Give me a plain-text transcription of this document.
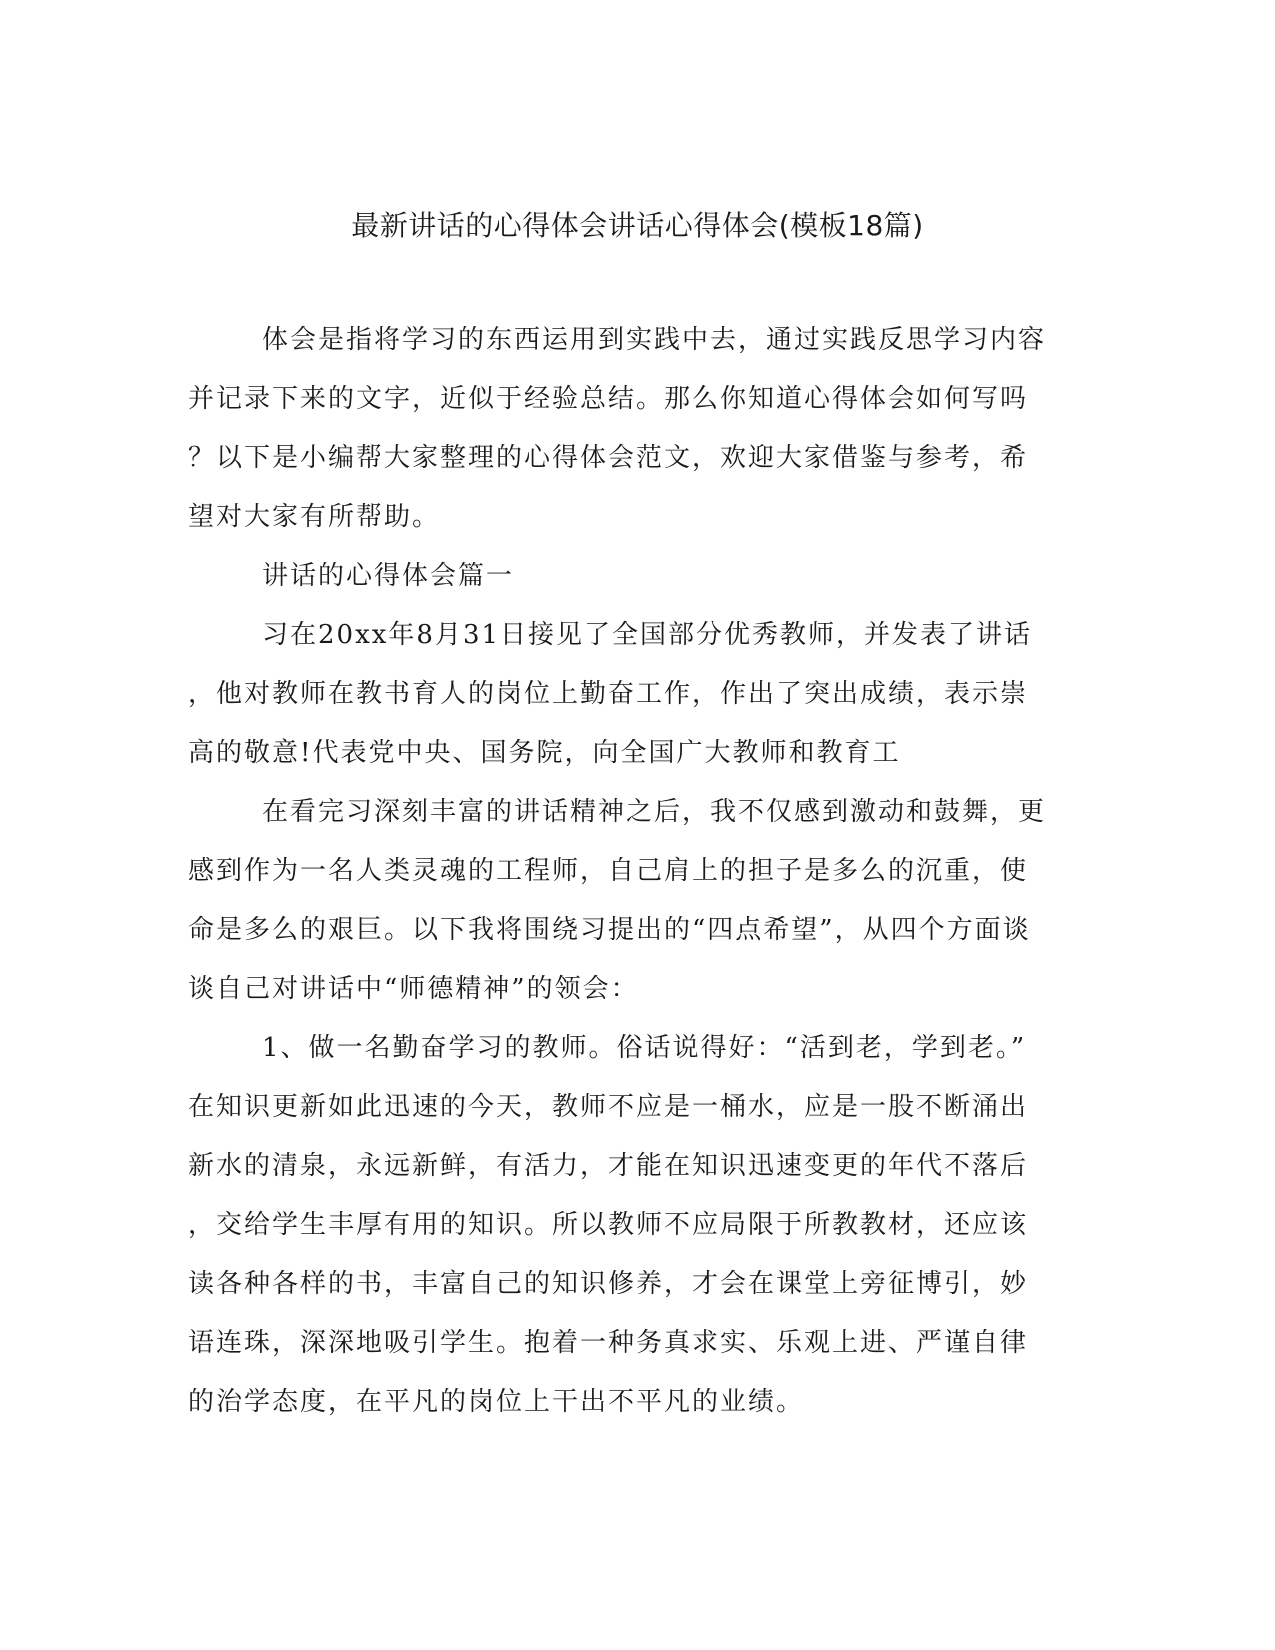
最新讲话的心得体会讲话心得体会(模板18篇)

体会是指将学习的东西运用到实践中去，通过实践反思学习内容

并记录下来的文字，近似于经验总结。那么你知道心得体会如何写吗

？以下是小编帮大家整理的心得体会范文，欢迎大家借鉴与参考，希

望对大家有所帮助。

讲话的心得体会篇一

习在20xx年8月31日接见了全国部分优秀教师，并发表了讲话

，他对教师在教书育人的岗位上勤奋工作，作出了突出成绩，表示崇

高的敬意!代表党中央、国务院，向全国广大教师和教育工

在看完习深刻丰富的讲话精神之后，我不仅感到激动和鼓舞，更

感到作为一名人类灵魂的工程师，自己肩上的担子是多么的沉重，使

命是多么的艰巨。以下我将围绕习提出的“四点希望”，从四个方面谈

谈自己对讲话中“师德精神”的领会：

1、做一名勤奋学习的教师。俗话说得好：“活到老，学到老。”

在知识更新如此迅速的今天，教师不应是一桶水，应是一股不断涌出

新水的清泉，永远新鲜，有活力，才能在知识迅速变更的年代不落后

，交给学生丰厚有用的知识。所以教师不应局限于所教教材，还应该

读各种各样的书，丰富自己的知识修养，才会在课堂上旁征博引，妙

语连珠，深深地吸引学生。抱着一种务真求实、乐观上进、严谨自律

的治学态度，在平凡的岗位上干出不平凡的业绩。
